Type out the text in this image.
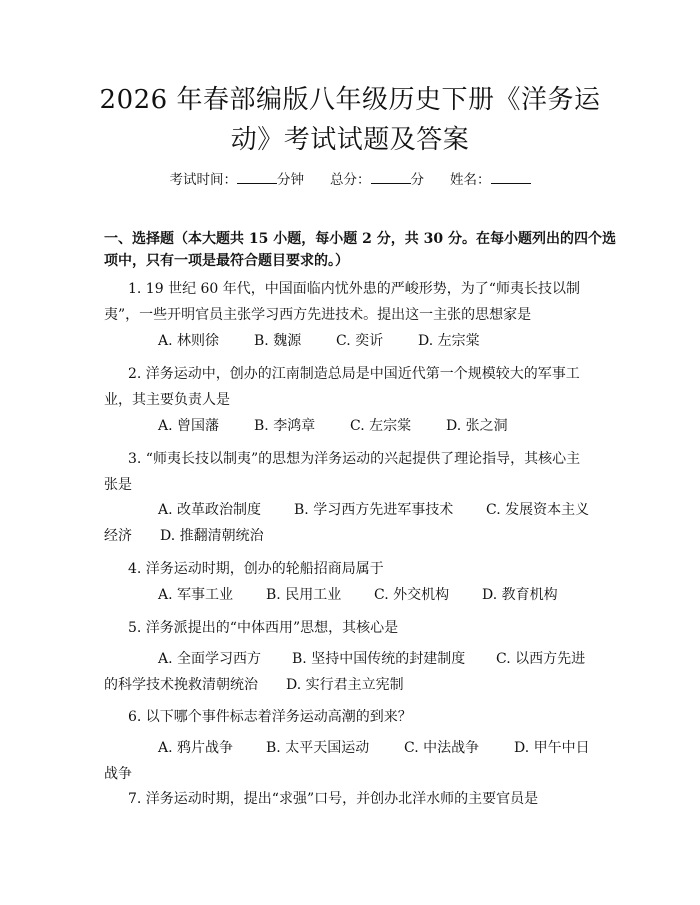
2026 年春部编版八年级历史下册《洋务运
动》考试试题及答案
考试时间：	分钟 总分：	分 姓名：
一、选择题（本大题共 15 小题，每小题 2 分，共 30 分。在每小题列出的四个选
项中，只有一项是最符合题目要求的。）
1. 19 世纪 60 年代，中国面临内忧外患的严峻形势，为了“师夷长技以制
夷”，一些开明官员主张学习西方先进技术。提出这一主张的思想家是
A. 林则徐 B. 魏源 C. 奕䜣 D. 左宗棠
2. 洋务运动中，创办的江南制造总局是中国近代第一个规模较大的军事工
业，其主要负责人是
A. 曾国藩 B. 李鸿章 C. 左宗棠 D. 张之洞
3. “师夷长技以制夷”的思想为洋务运动的兴起提供了理论指导，其核心主
张是
A. 改革政治制度 B. 学习西方先进军事技术 C. 发展资本主义
经济 D. 推翻清朝统治
4. 洋务运动时期，创办的轮船招商局属于
A. 军事工业 B. 民用工业 C. 外交机构 D. 教育机构
5. 洋务派提出的“中体西用”思想，其核心是
A. 全面学习西方 B. 坚持中国传统的封建制度 C. 以西方先进
的科学技术挽救清朝统治 D. 实行君主立宪制
6. 以下哪个事件标志着洋务运动高潮的到来？
A. 鸦片战争 B. 太平天国运动 C. 中法战争 D. 甲午中日
战争
7. 洋务运动时期，提出“求强”口号，并创办北洋水师的主要官员是
